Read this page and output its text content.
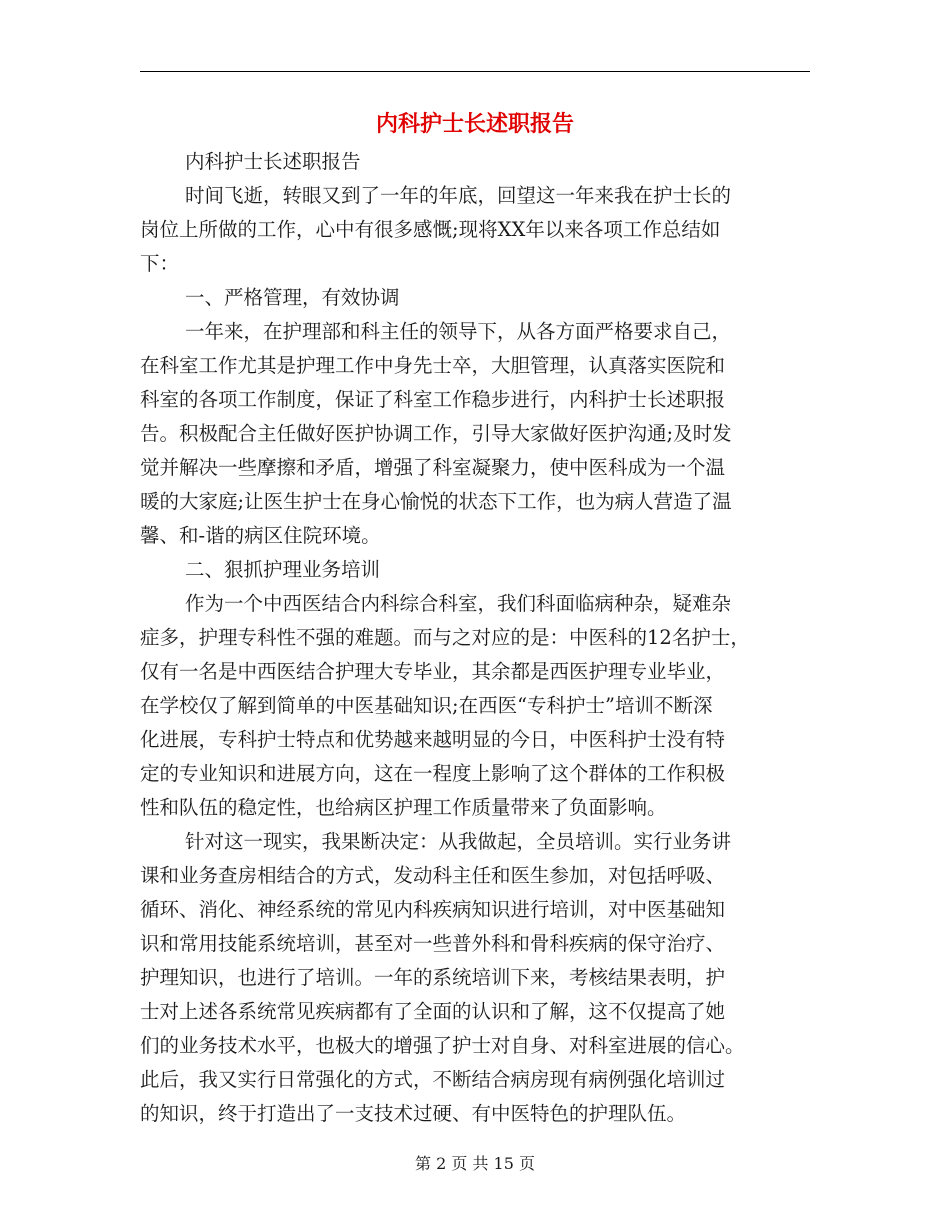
内科护士长述职报告
内科护士长述职报告
时间飞逝，转眼又到了一年的年底，回望这一年来我在护士长的
岗位上所做的工作，心中有很多感慨;现将XX年以来各项工作总结如
下：
一、严格管理，有效协调
一年来，在护理部和科主任的领导下，从各方面严格要求自己，
在科室工作尤其是护理工作中身先士卒，大胆管理，认真落实医院和
科室的各项工作制度，保证了科室工作稳步进行，内科护士长述职报
告。积极配合主任做好医护协调工作，引导大家做好医护沟通;及时发
觉并解决一些摩擦和矛盾，增强了科室凝聚力，使中医科成为一个温
暖的大家庭;让医生护士在身心愉悦的状态下工作，也为病人营造了温
馨、和-谐的病区住院环境。
二、狠抓护理业务培训
作为一个中西医结合内科综合科室，我们科面临病种杂，疑难杂
症多，护理专科性不强的难题。而与之对应的是：中医科的12名护士，
仅有一名是中西医结合护理大专毕业，其余都是西医护理专业毕业，
在学校仅了解到简单的中医基础知识;在西医“专科护士”培训不断深
化进展，专科护士特点和优势越来越明显的今日，中医科护士没有特
定的专业知识和进展方向，这在一程度上影响了这个群体的工作积极
性和队伍的稳定性，也给病区护理工作质量带来了负面影响。
针对这一现实，我果断决定：从我做起，全员培训。实行业务讲
课和业务查房相结合的方式，发动科主任和医生参加，对包括呼吸、
循环、消化、神经系统的常见内科疾病知识进行培训，对中医基础知
识和常用技能系统培训，甚至对一些普外科和骨科疾病的保守治疗、
护理知识，也进行了培训。一年的系统培训下来，考核结果表明，护
士对上述各系统常见疾病都有了全面的认识和了解，这不仅提高了她
们的业务技术水平，也极大的增强了护士对自身、对科室进展的信心。
此后，我又实行日常强化的方式，不断结合病房现有病例强化培训过
的知识，终于打造出了一支技术过硬、有中医特色的护理队伍。
第 2 页 共 15 页
